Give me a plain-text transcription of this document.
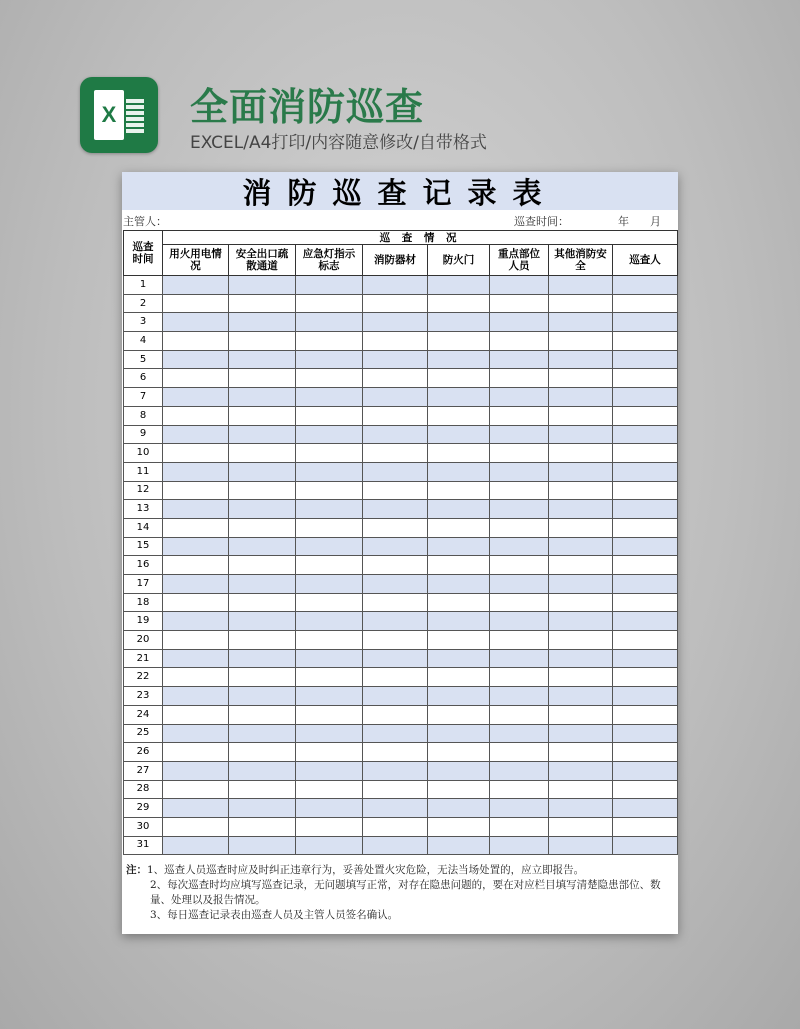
X 全面消防巡查
EXCEL/A4打印/内容随意修改/自带格式
消防巡查记录表
主管人：	巡查时间：	年 月
巡查时间	巡 查 情 况							
	用火用电情况	安全出口疏散通道	应急灯指示标志	消防器材	防火门	重点部位人员	其他消防安全	巡查人
1								
2								
3								
4								
5								
6								
7								
8								
9								
10								
11								
12								
13								
14								
15								
16								
17								
18								
19								
20								
21								
22								
23								
24								
25								
26								
27								
28								
29								
30								
31								
注：1、巡查人员巡查时应及时纠正违章行为，妥善处置火灾危险，无法当场处置的，应立即报告。
2、每次巡查时均应填写巡查记录，无问题填写正常，对存在隐患问题的，要在对应栏目填写清楚隐患部位、数量、处理以及报告情况。
3、每日巡查记录表由巡查人员及主管人员签名确认。
